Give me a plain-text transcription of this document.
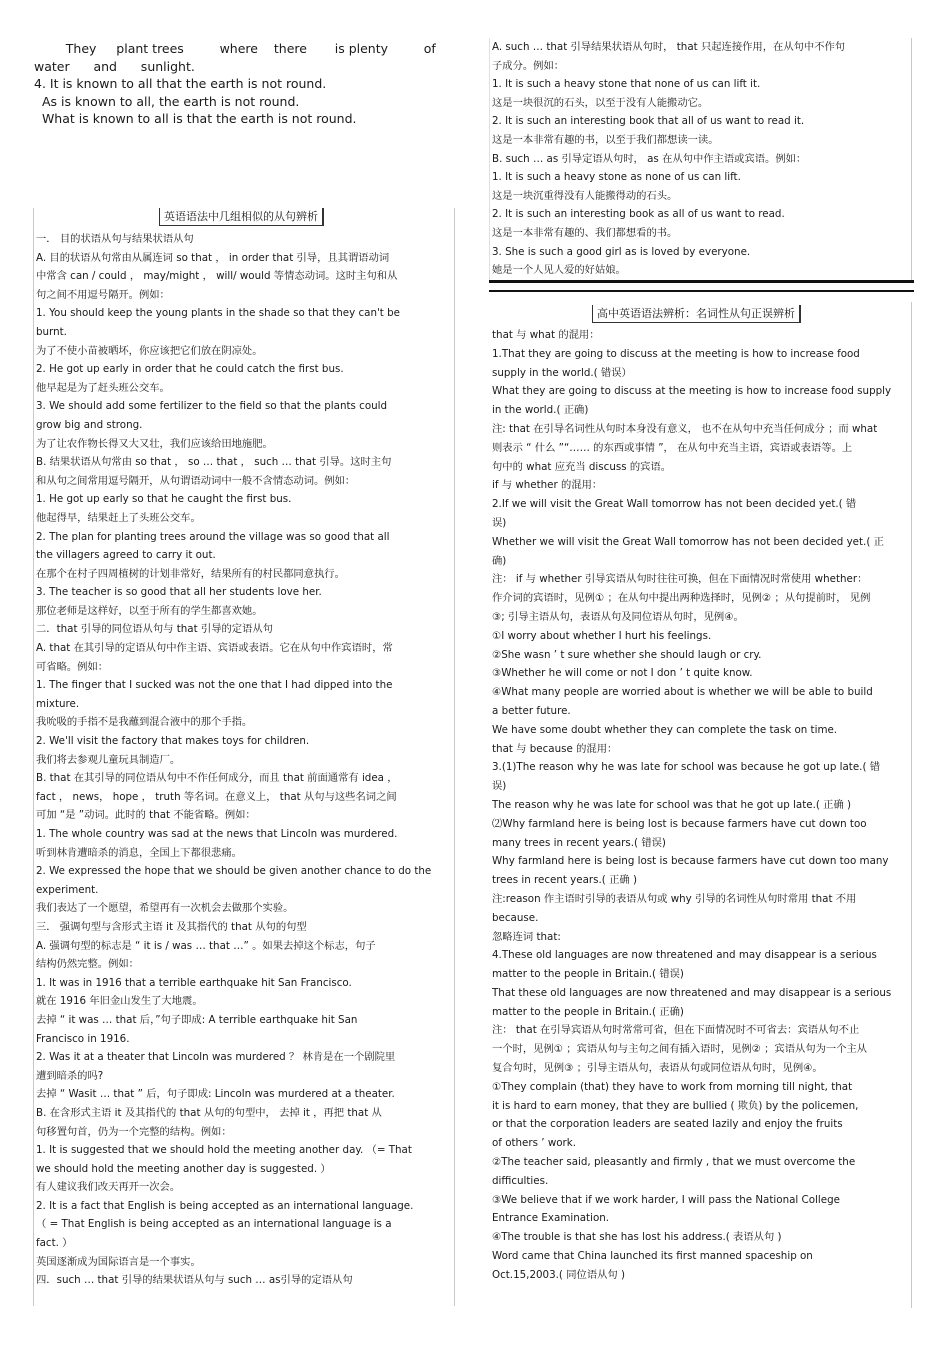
They     plant trees         where    there       is plenty         of
water      and      sunlight.
4. It is known to all that the earth is not round.
As is known to all, the earth is not round.
What is known to all is that the earth is not round.
英语语法中几组相似的从句辨析
一． 目的状语从句与结果状语从句
A. 目的状语从句常由从属连词 so that ， in order that 引导，且其谓语动词
中常含 can / could ， may/might ， will/ would 等情态动词。这时主句和从
句之间不用逗号隔开。例如：
1. You should keep the young plants in the shade so that they can't be
burnt.
为了不使小苗被晒坏，你应该把它们放在阴凉处。
2. He got up early in order that he could catch the first bus.
他早起是为了赶头班公交车。
3. We should add some fertilizer to the field so that the plants could
grow big and strong.
为了让农作物长得又大又壮，我们应该给田地施肥。
B. 结果状语从句常由 so that ， so … that ， such … that 引导。这时主句
和从句之间常用逗号隔开，从句谓语动词中一般不含情态动词。例如：
1. He got up early so that he caught the first bus.
他起得早，结果赶上了头班公交车。
2. The plan for planting trees around the village was so good that all
the villagers agreed to carry it out.
在那个在村子四周植树的计划非常好，结果所有的村民都同意执行。
3. The teacher is so good that all her students love her.
那位老师是这样好，以至于所有的学生都喜欢她。
二．that 引导的同位语从句与 that 引导的定语从句
A. that 在其引导的定语从句中作主语、宾语或表语。它在从句中作宾语时，常
可省略。例如：
1. The finger that I sucked was not the one that I had dipped into the
mixture.
我吮吸的手指不是我蘸到混合液中的那个手指。
2. We'll visit the factory that makes toys for children.
我们将去参观儿童玩具制造厂。
B. that 在其引导的同位语从句中不作任何成分，而且 that 前面通常有 idea ，
fact ， news， hope ， truth 等名词。在意义上， that 从句与这些名词之间
可加 “是 ”动词。此时的 that 不能省略。例如：
1. The whole country was sad at the news that Lincoln was murdered.
听到林肯遭暗杀的消息，全国上下都很悲痛。
2. We expressed the hope that we should be given another chance to do the
experiment.
我们表达了一个愿望，希望再有一次机会去做那个实验。
三． 强调句型与含形式主语 it 及其指代的 that 从句的句型
A. 强调句型的标志是 “ it is / was … that …” 。如果去掉这个标志，句子
结构仍然完整。例如：
1. It was in 1916 that a terrible earthquake hit San Francisco.
就在 1916 年旧金山发生了大地震。
去掉 “ it was … that 后，”句子即成: A terrible earthquake hit San
Francisco in 1916.
2. Was it at a theater that Lincoln was murdered ？ 林肯是在一个剧院里
遭到暗杀的吗?
去掉 “ Wasit … that ” 后，句子即成: Lincoln was murdered at a theater.
B. 在含形式主语 it 及其指代的 that 从句的句型中， 去掉 it ，再把 that 从
句移置句首，仍为一个完整的结构。例如：
1. It is suggested that we should hold the meeting another day. （= That
we should hold the meeting another day is suggested. ）
有人建议我们改天再开一次会。
2. It is a fact that English is being accepted as an international language.
（ = That English is being accepted as an international language is a
fact. ）
英国逐渐成为国际语言是一个事实。
四．such … that 引导的结果状语从句与 such … as引导的定语从句
A. such … that 引导结果状语从句时， that 只起连接作用，在从句中不作句
子成分。例如：
1. It is such a heavy stone that none of us can lift it.
这是一块很沉的石头，以至于没有人能搬动它。
2. It is such an interesting book that all of us want to read it.
这是一本非常有趣的书，以至于我们都想读一读。
B. such … as 引导定语从句时， as 在从句中作主语或宾语。例如：
1. It is such a heavy stone as none of us can lift.
这是一块沉重得没有人能搬得动的石头。
2. It is such an interesting book as all of us want to read.
这是一本非常有趣的、我们都想看的书。
3. She is such a good girl as is loved by everyone.
她是一个人见人爱的好姑娘。
高中英语语法辨析：名词性从句正误辨析
that 与 what 的混用：
1.That they are going to discuss at the meeting is how to increase food
supply in the world.( 错误）
What they are going to discuss at the meeting is how to increase food supply
in the world.( 正确)
注: that 在引导名词性从句时本身没有意义， 也不在从句中充当任何成分 ；而 what
则表示 “ 什么 ”“…… 的东西或事情 ”， 在从句中充当主语，宾语或表语等。上
句中的 what 应充当 discuss 的宾语。
if 与 whether 的混用：
2.If we will visit the Great Wall tomorrow has not been decided yet.( 错
误)
Whether we will visit the Great Wall tomorrow has not been decided yet.( 正
确)
注： if 与 whether 引导宾语从句时往往可换，但在下面情况时常使用 whether：
作介词的宾语时，见例① ；在从句中提出两种选择时，见例② ；从句提前时， 见例
③; 引导主语从句，表语从句及同位语从句时，见例④。
①I worry about whether I hurt his feelings.
②She wasn ’ t sure whether she should laugh or cry.
③Whether he will come or not I don ’ t quite know.
④What many people are worried about is whether we will be able to build
a better future.
We have some doubt whether they can complete the task on time.
that 与 because 的混用：
3.(1)The reason why he was late for school was because he got up late.( 错
误)
The reason why he was late for school was that he got up late.( 正确 )
⑵Why farmland here is being lost is because farmers have cut down too
many trees in recent years.( 错误)
Why farmland here is being lost is because farmers have cut down too many
trees in recent years.( 正确 )
注:reason 作主语时引导的表语从句或 why 引导的名词性从句时常用 that 不用
because.
忽略连词 that:
4.These old languages are now threatened and may disappear is a serious
matter to the people in Britain.( 错误)
That these old languages are now threatened and may disappear is a serious
matter to the people in Britain.( 正确)
注： that 在引导宾语从句时常常可省，但在下面情况时不可省去：宾语从句不止
一个时，见例① ；宾语从句与主句之间有插入语时，见例② ；宾语从句为一个主从
复合句时，见例③ ；引导主语从句，表语从句或同位语从句时，见例④。
①They complain (that) they have to work from morning till night, that
it is hard to earn money, that they are bullied ( 欺负) by the policemen,
or that the corporation leaders are seated lazily and enjoy the fruits
of others ’ work.
②The teacher said, pleasantly and firmly , that we must overcome the
difficulties.
③We believe that if we work harder, I will pass the National College
Entrance Examination.
④The trouble is that she has lost his address.( 表语从句 )
Word came that China launched its first manned spaceship on
Oct.15,2003.( 同位语从句 )
